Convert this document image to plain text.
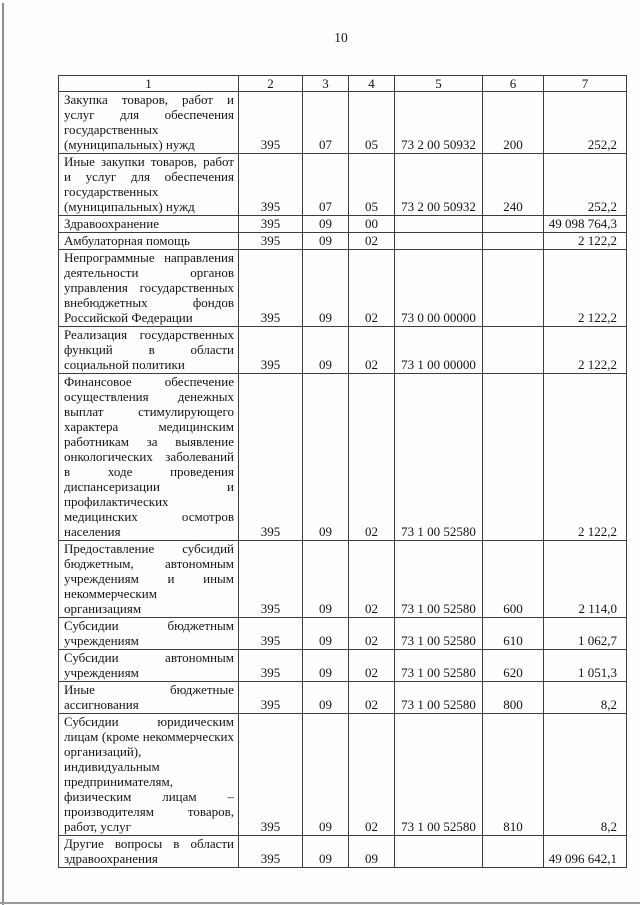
10
1	2	3	4	5	6	7
Закупка товаров, работ и услуг для обеспечения государственных (муниципальных) нужд	395	07	05	73 2 00 50932	200	252,2
Иные закупки товаров, работ и услуг для обеспечения государственных (муниципальных) нужд	395	07	05	73 2 00 50932	240	252,2
Здравоохранение	395	09	00			49 098 764,3
Амбулаторная помощь	395	09	02			2 122,2
Непрограммные направления деятельности органов управления государственных внебюджетных фондов Российской Федерации	395	09	02	73 0 00 00000		2 122,2
Реализация государственных функций в области социальной политики	395	09	02	73 1 00 00000		2 122,2
Финансовое обеспечение осуществления денежных выплат стимулирующего характера медицинским работникам за выявление онкологических заболеваний в ходе проведения диспансеризации и профилактических медицинских осмотров населения	395	09	02	73 1 00 52580		2 122,2
Предоставление субсидий бюджетным, автономным учреждениям и иным некоммерческим организациям	395	09	02	73 1 00 52580	600	2 114,0
Субсидии бюджетным учреждениям	395	09	02	73 1 00 52580	610	1 062,7
Субсидии автономным учреждениям	395	09	02	73 1 00 52580	620	1 051,3
Иные бюджетные ассигнования	395	09	02	73 1 00 52580	800	8,2
Субсидии юридическим лицам (кроме некоммерческих организаций), индивидуальным предпринимателям, физическим лицам – производителям товаров, работ, услуг	395	09	02	73 1 00 52580	810	8,2
Другие вопросы в области здравоохранения	395	09	09			49 096 642,1
